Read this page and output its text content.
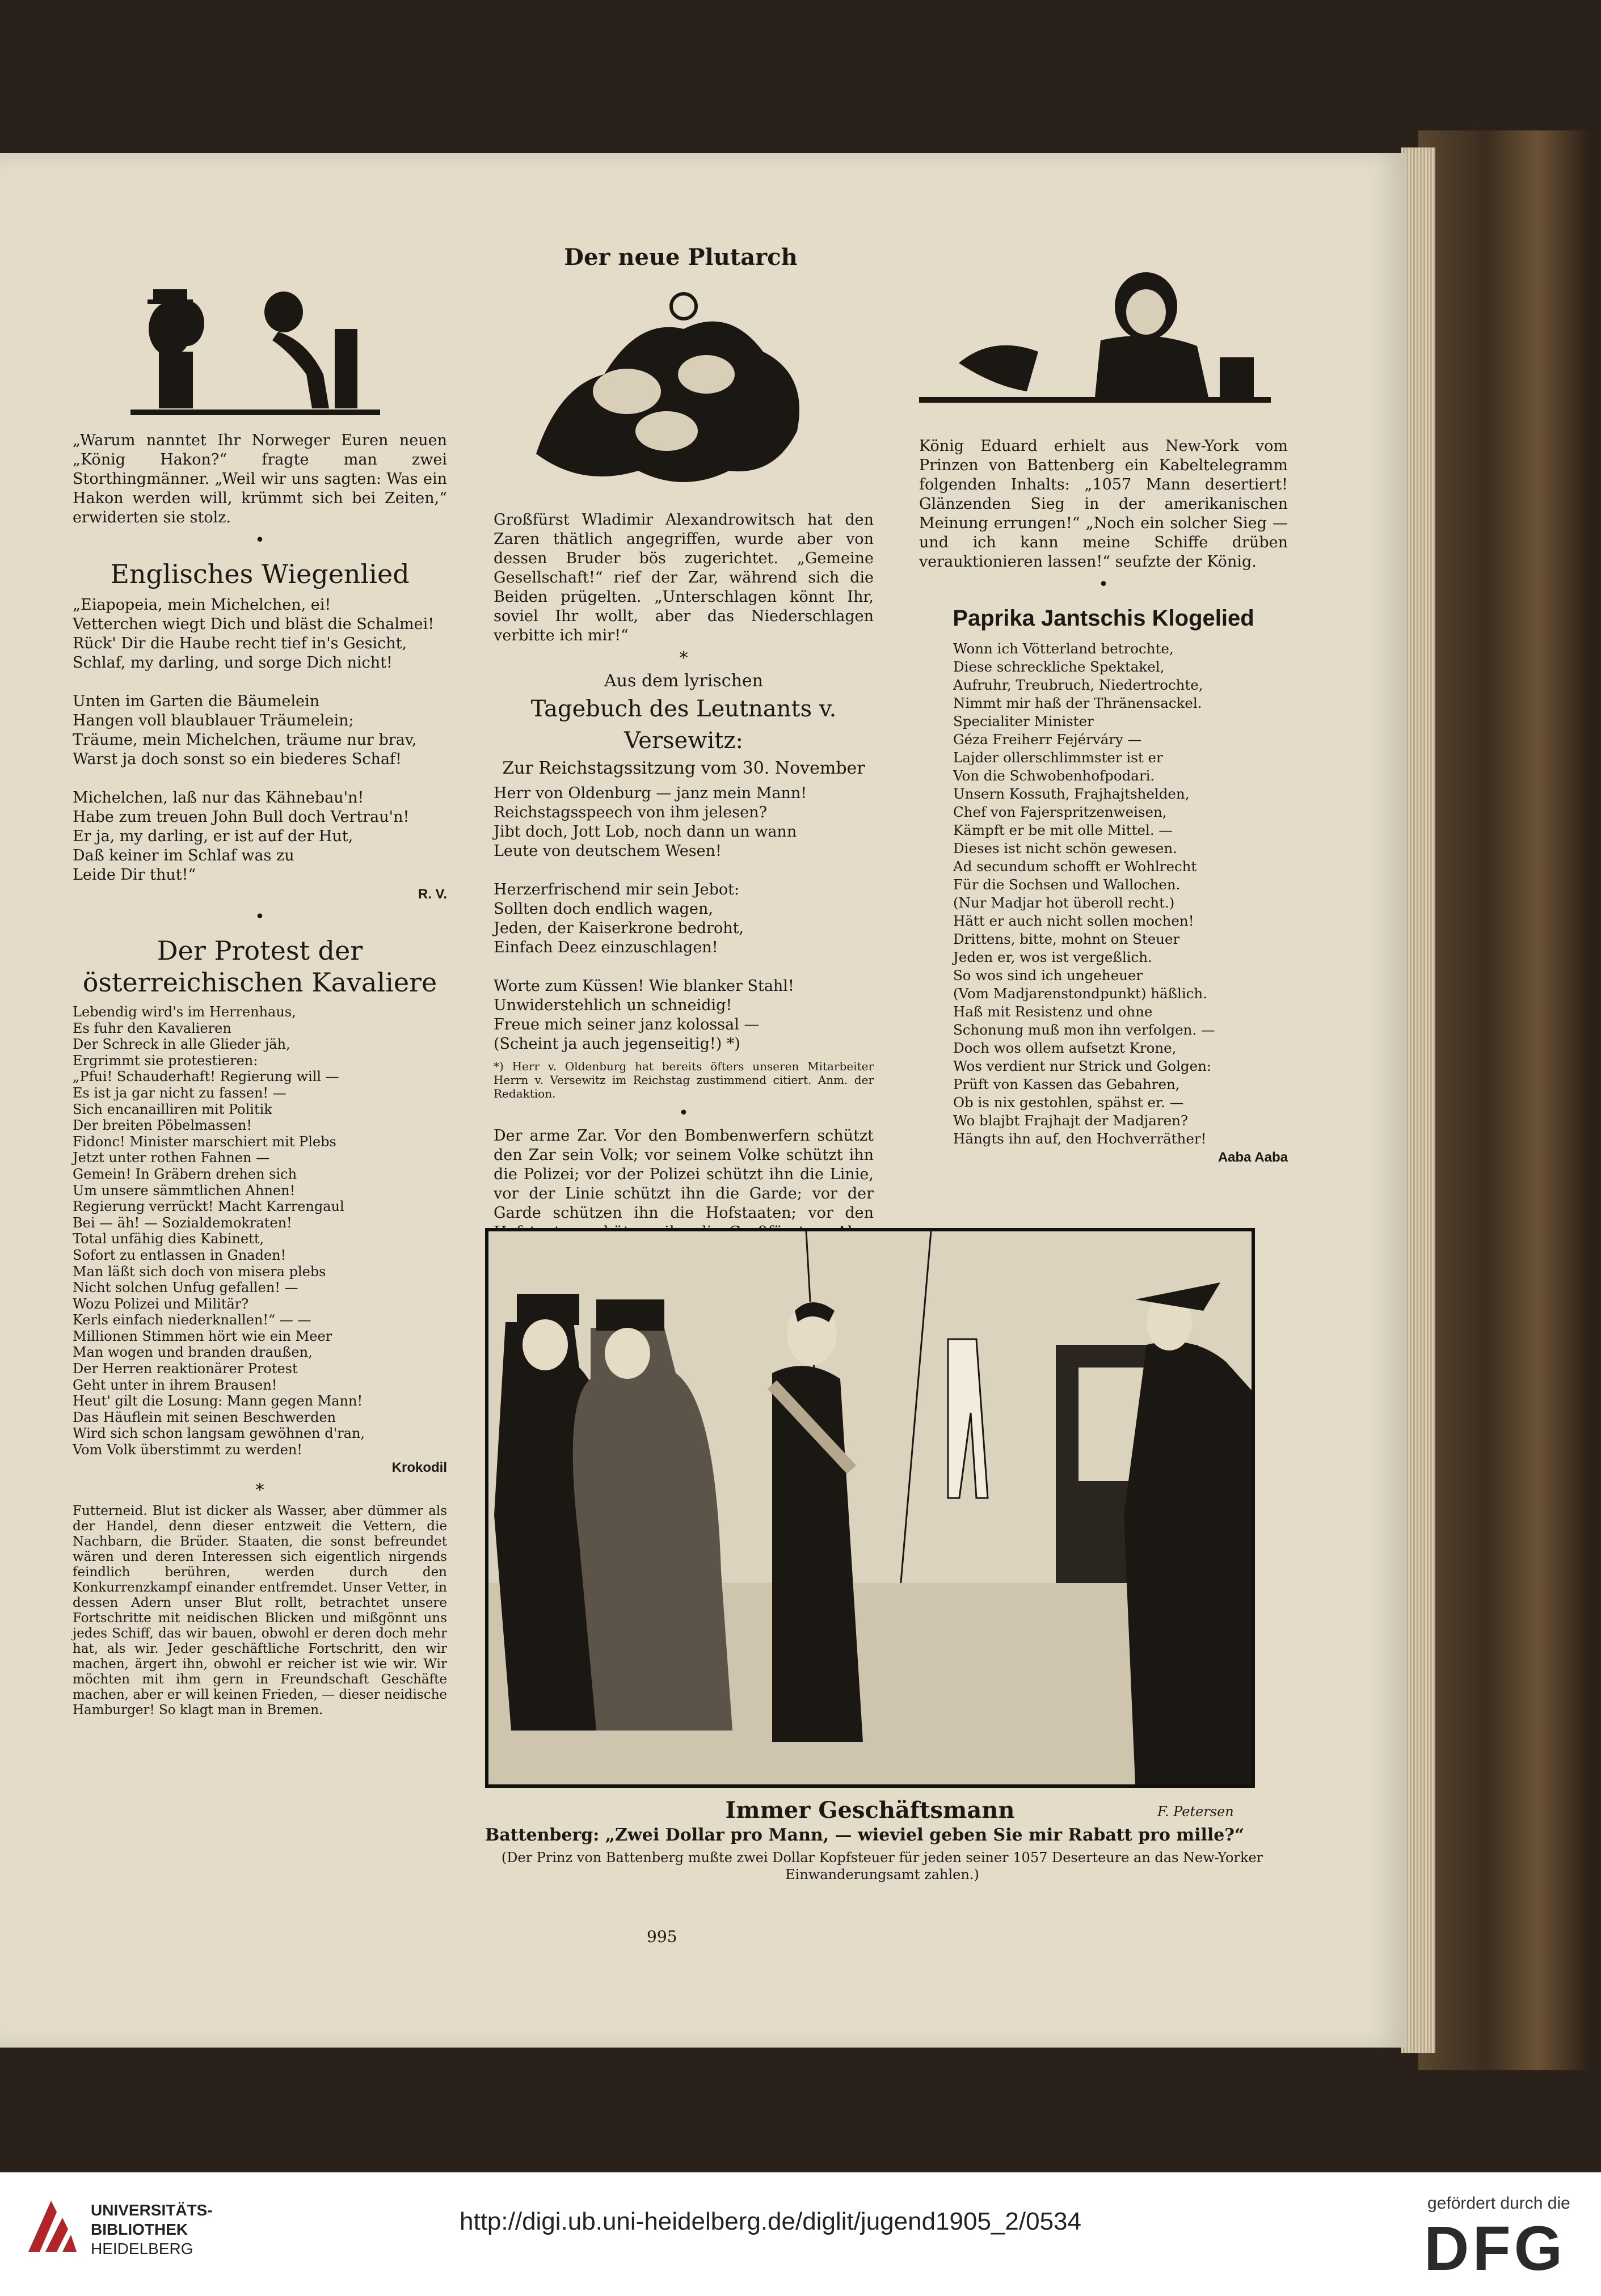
Der neue Plutarch

„Warum nanntet Ihr Norweger Euren neuen „König Hakon?“ fragte man zwei Storthingmänner. „Weil wir uns sagten: Was ein Hakon werden will, krümmt sich bei Zeiten,“ erwiderten sie stolz.

•
Englisches Wiegenlied
„Eiapopeia, mein Michelchen, ei!
Vetterchen wiegt Dich und bläst die Schalmei!
Rück' Dir die Haube recht tief in's Gesicht,
Schlaf, my darling, und sorge Dich nicht!

Unten im Garten die Bäumelein
Hangen voll blaublauer Träumelein;
Träume, mein Michelchen, träume nur brav,
Warst ja doch sonst so ein biederes Schaf!

Michelchen, laß nur das Kähnebau'n!
Habe zum treuen John Bull doch Vertrau'n!
Er ja, my darling, er ist auf der Hut,
Daß keiner im Schlaf was zu
Leide Dir thut!“
R. V.
•
Der Protest der österreichischen Kavaliere
Lebendig wird's im Herrenhaus,
Es fuhr den Kavalieren
Der Schreck in alle Glieder jäh,
Ergrimmt sie protestieren:
„Pfui! Schauderhaft! Regierung will —
Es ist ja gar nicht zu fassen! —
Sich encanailliren mit Politik
Der breiten Pöbelmassen!
Fidonc! Minister marschiert mit Plebs
Jetzt unter rothen Fahnen —
Gemein! In Gräbern drehen sich
Um unsere sämmtlichen Ahnen!
Regierung verrückt! Macht Karrengaul
Bei — äh! — Sozialdemokraten!
Total unfähig dies Kabinett,
Sofort zu entlassen in Gnaden!
Man läßt sich doch von misera plebs
Nicht solchen Unfug gefallen! —
Wozu Polizei und Militär?
Kerls einfach niederknallen!“ — —
Millionen Stimmen hört wie ein Meer
Man wogen und branden draußen,
Der Herren reaktionärer Protest
Geht unter in ihrem Brausen!
Heut' gilt die Losung: Mann gegen Mann!
Das Häuflein mit seinen Beschwerden
Wird sich schon langsam gewöhnen d'ran,
Vom Volk überstimmt zu werden!
Krokodil
*

Futterneid. Blut ist dicker als Wasser, aber dümmer als der Handel, denn dieser entzweit die Vettern, die Nachbarn, die Brüder. Staaten, die sonst befreundet wären und deren Interessen sich eigentlich nirgends feindlich berühren, werden durch den Konkurrenzkampf einander entfremdet. Unser Vetter, in dessen Adern unser Blut rollt, betrachtet unsere Fortschritte mit neidischen Blicken und mißgönnt uns jedes Schiff, das wir bauen, obwohl er deren doch mehr hat, als wir. Jeder geschäftliche Fortschritt, den wir machen, ärgert ihn, obwohl er reicher ist wie wir. Wir möchten mit ihm gern in Freundschaft Geschäfte machen, aber er will keinen Frieden, — dieser neidische Hamburger! So klagt man in Bremen.

Großfürst Wladimir Alexandrowitsch hat den Zaren thätlich angegriffen, wurde aber von dessen Bruder bös zugerichtet. „Gemeine Gesellschaft!“ rief der Zar, während sich die Beiden prügelten. „Unterschlagen könnt Ihr, soviel Ihr wollt, aber das Niederschlagen verbitte ich mir!“

*
Aus dem lyrischen
Tagebuch des Leutnants v. Versewitz:
Zur Reichstagssitzung vom 30. November
Herr von Oldenburg — janz mein Mann!
Reichstagsspeech von ihm jelesen?
Jibt doch, Jott Lob, noch dann un wann
Leute von deutschem Wesen!

Herzerfrischend mir sein Jebot:
Sollten doch endlich wagen,
Jeden, der Kaiserkrone bedroht,
Einfach Deez einzuschlagen!

Worte zum Küssen! Wie blanker Stahl!
Unwiderstehlich un schneidig!
Freue mich seiner janz kolossal —
(Scheint ja auch jegenseitig!) *)

*) Herr v. Oldenburg hat bereits öfters unseren Mitarbeiter Herrn v. Versewitz im Reichstag zustimmend citiert. Anm. der Redaktion.

•

Der arme Zar. Vor den Bombenwerfern schützt den Zar sein Volk; vor seinem Volke schützt ihn die Polizei; vor der Polizei schützt ihn die Linie, vor der Linie schützt ihn die Garde; vor der Garde schützen ihn die Hofstaaten; vor den

König Eduard erhielt aus New-York vom Prinzen von Battenberg ein Kabeltelegramm folgenden Inhalts: „1057 Mann desertiert! Glänzenden Sieg in der amerikanischen Meinung errungen!“ „Noch ein solcher Sieg — und ich kann meine Schiffe drüben verauktionieren lassen!“ seufzte der König.

•
Paprika Jantschis Klogelied
Wonn ich Vötterland betrochte,
Diese schreckliche Spektakel,
Aufruhr, Treubruch, Niedertrochte,
Nimmt mir haß der Thränensackel.
Specialiter Minister
Géza Freiherr Fejérváry —
Lajder ollerschlimmster ist er
Von die Schwobenhofpodari.
Unsern Kossuth, Frajhajtshelden,
Chef von Fajerspritzenweisen,
Kämpft er be mit olle Mittel. —
Dieses ist nicht schön gewesen.
Ad secundum schofft er Wohlrecht
Für die Sochsen und Wallochen.
(Nur Madjar hot überoll recht.)
Hätt er auch nicht sollen mochen!
Drittens, bitte, mohnt on Steuer
Jeden er, wos ist vergeßlich.
So wos sind ich ungeheuer
(Vom Madjarenstondpunkt) häßlich.
Haß mit Resistenz und ohne
Schonung muß mon ihn verfolgen. —
Doch wos ollem aufsetzt Krone,
Wos verdient nur Strick und Golgen:
Prüft von Kassen das Gebahren,
Ob is nix gestohlen, spähst er. —
Wo blajbt Frajhajt der Madjaren?
Hängts ihn auf, den Hochverräther!
Aaba Aaba
FP
Immer Geschäftsmann	F. Petersen
Battenberg: „Zwei Dollar pro Mann, — wieviel geben Sie mir Rabatt pro mille?“
(Der Prinz von Battenberg mußte zwei Dollar Kopfsteuer für jeden seiner 1057 Deserteure an das New-Yorker Einwanderungsamt zahlen.)
995
UNIVERSITÄTS-
BIBLIOTHEK
HEIDELBERG
http://digi.ub.uni-heidelberg.de/diglit/jugend1905_2/0534
gefördert durch die
DFG
